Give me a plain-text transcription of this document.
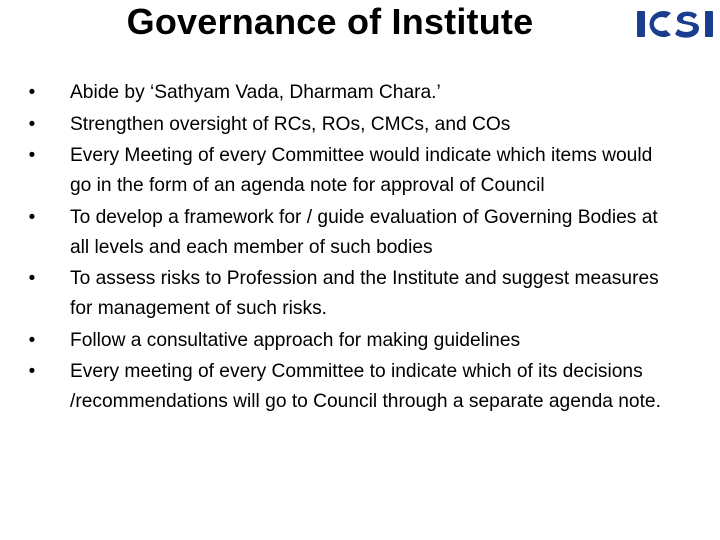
Governance of Institute
• Abide by ‘Sathyam Vada, Dharmam Chara.’
• Strengthen oversight of RCs, ROs, CMCs, and COs
• Every Meeting of every Committee would indicate which items would go in the form of an agenda note for approval of Council
• To develop a framework for / guide evaluation of Governing Bodies at all levels and each member of such bodies
• To assess risks to Profession and the Institute and suggest measures for management of such risks.
• Follow a consultative approach for making guidelines
• Every meeting of every Committee to indicate which of its decisions /recommendations will go to Council through a separate agenda note.
